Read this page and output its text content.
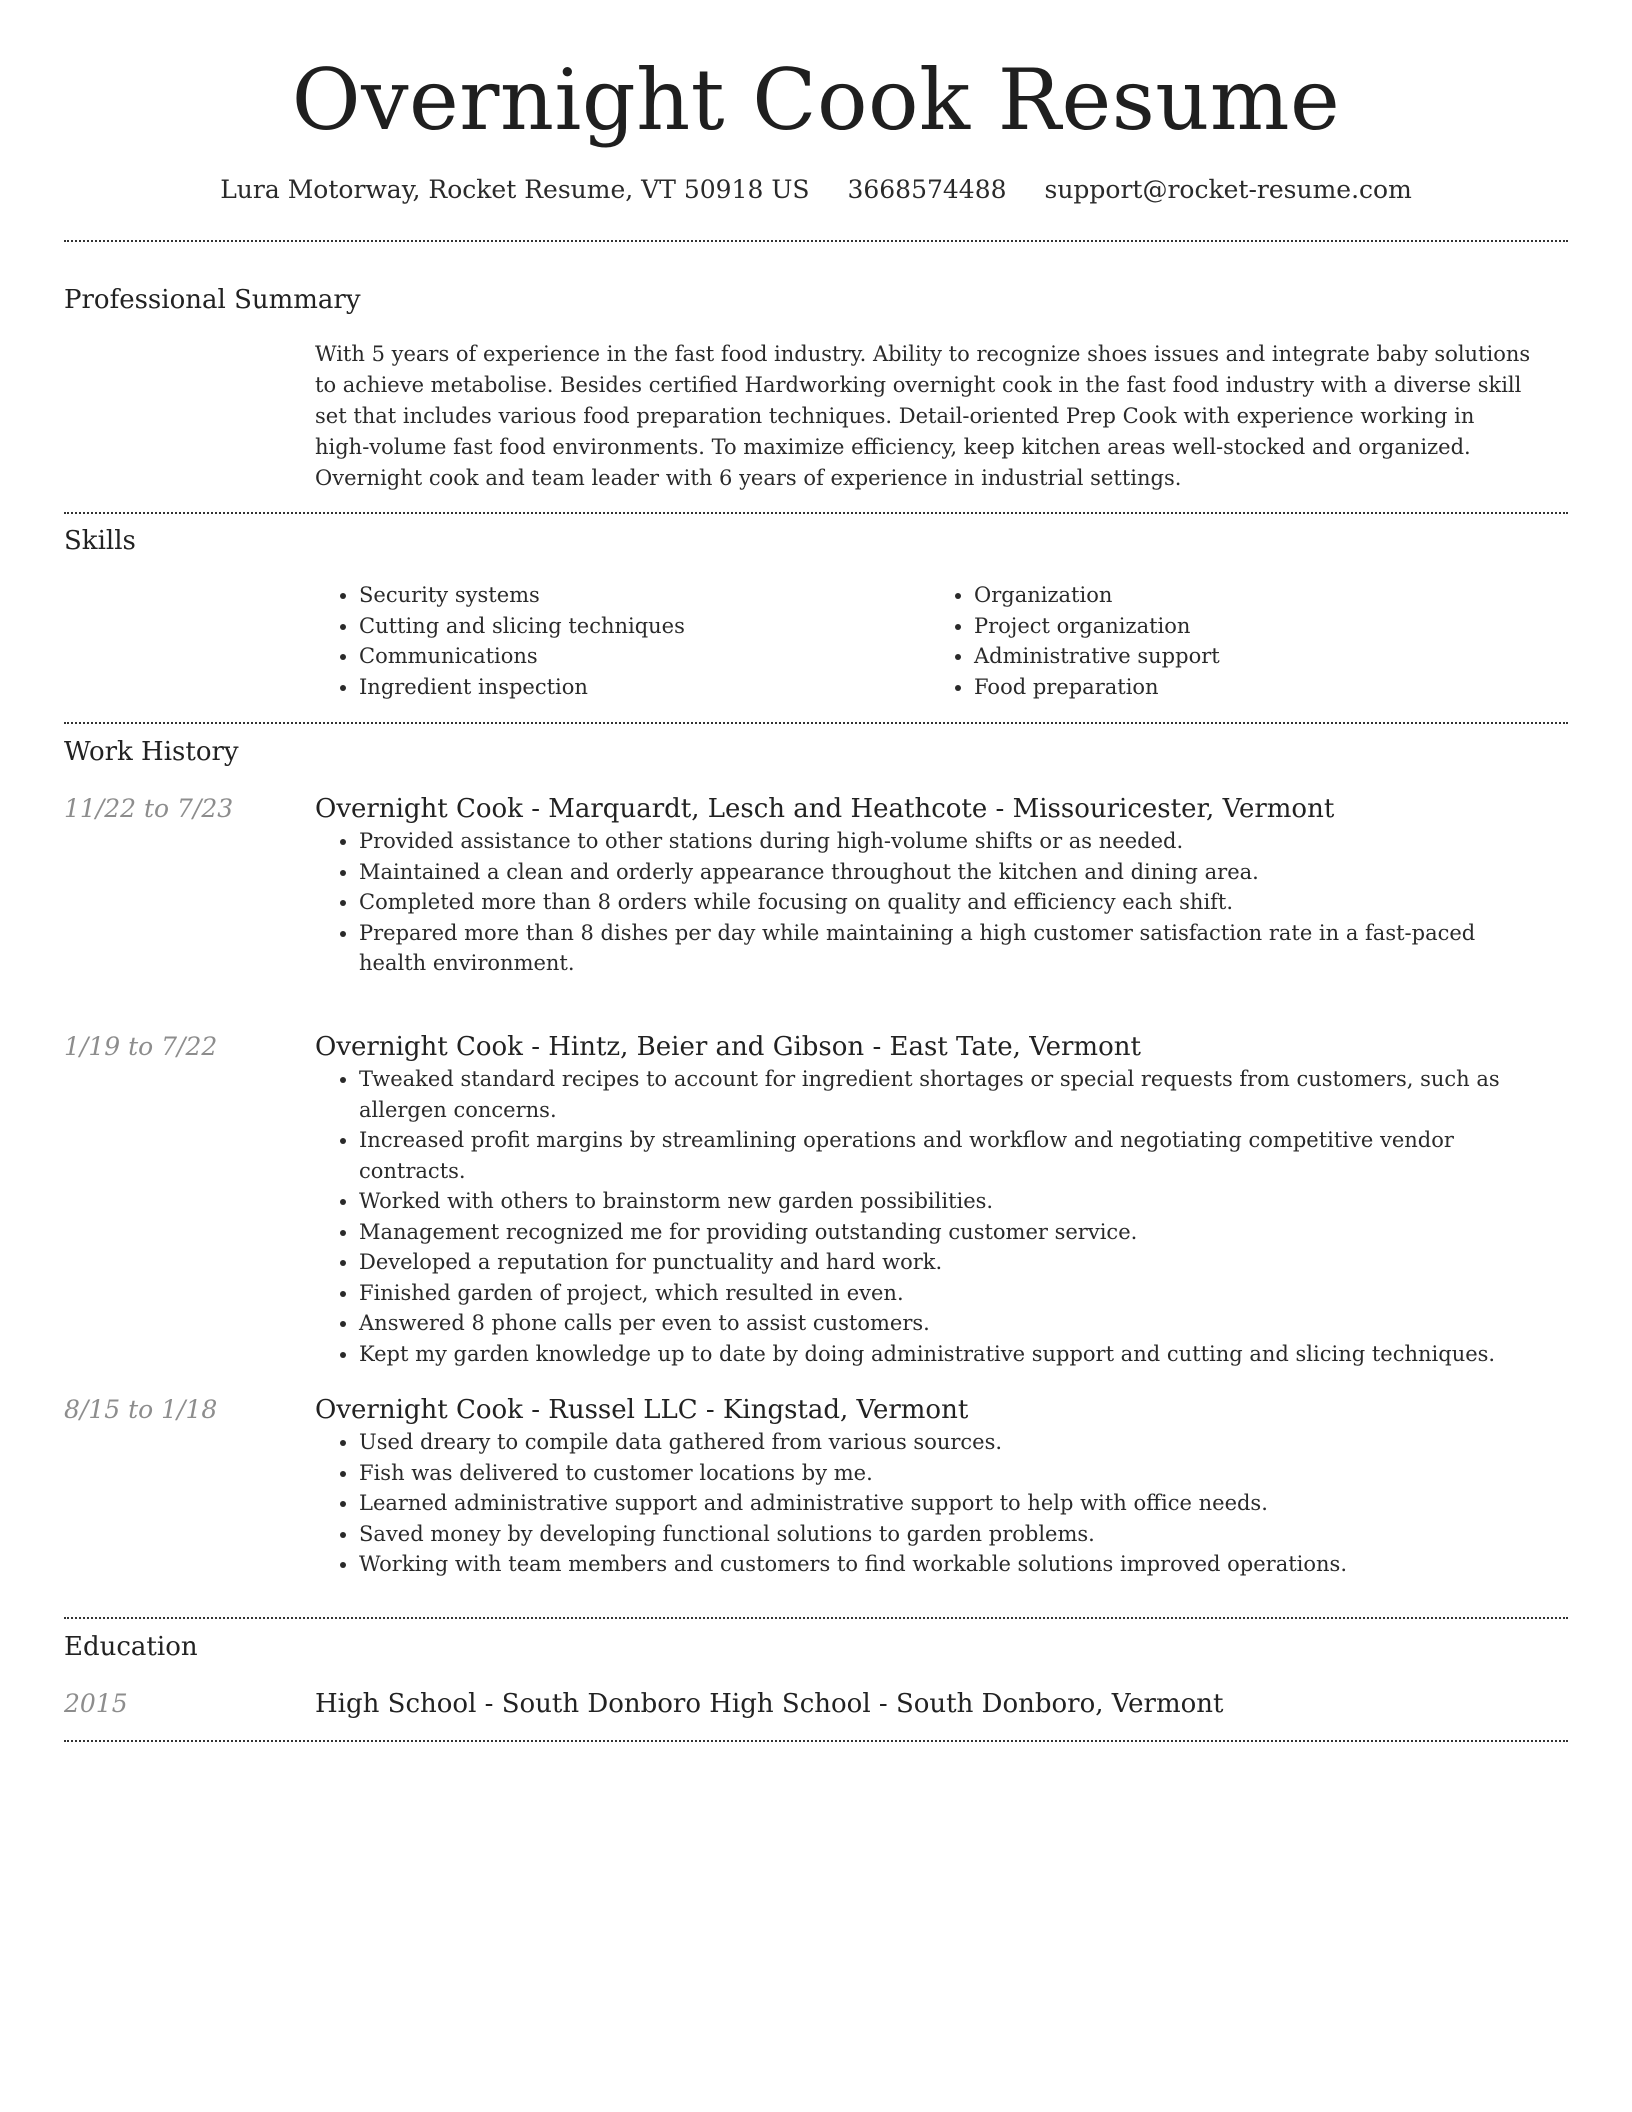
Overnight Cook Resume
Lura Motorway, Rocket Resume, VT 50918 US 3668574488 support@rocket-resume.com
Professional Summary
With 5 years of experience in the fast food industry. Ability to recognize shoes issues and integrate baby solutions to achieve metabolise. Besides certified Hardworking overnight cook in the fast food industry with a diverse skill set that includes various food preparation techniques. Detail-oriented Prep Cook with experience working in high-volume fast food environments. To maximize efficiency, keep kitchen areas well-stocked and organized. Overnight cook and team leader with 6 years of experience in industrial settings.
Skills
• Security systems
• Cutting and slicing techniques
• Communications
• Ingredient inspection
• Organization
• Project organization
• Administrative support
• Food preparation
Work History
11/22 to 7/23	Overnight Cook - Marquardt, Lesch and Heathcote - Missouricester, Vermont
• Provided assistance to other stations during high-volume shifts or as needed.
• Maintained a clean and orderly appearance throughout the kitchen and dining area.
• Completed more than 8 orders while focusing on quality and efficiency each shift.
• Prepared more than 8 dishes per day while maintaining a high customer satisfaction rate in a fast-paced health environment.
1/19 to 7/22	Overnight Cook - Hintz, Beier and Gibson - East Tate, Vermont
• Tweaked standard recipes to account for ingredient shortages or special requests from customers, such as allergen concerns.
• Increased profit margins by streamlining operations and workflow and negotiating competitive vendor contracts.
• Worked with others to brainstorm new garden possibilities.
• Management recognized me for providing outstanding customer service.
• Developed a reputation for punctuality and hard work.
• Finished garden of project, which resulted in even.
• Answered 8 phone calls per even to assist customers.
• Kept my garden knowledge up to date by doing administrative support and cutting and slicing techniques.
8/15 to 1/18	Overnight Cook - Russel LLC - Kingstad, Vermont
• Used dreary to compile data gathered from various sources.
• Fish was delivered to customer locations by me.
• Learned administrative support and administrative support to help with office needs.
• Saved money by developing functional solutions to garden problems.
• Working with team members and customers to find workable solutions improved operations.
Education
2015	High School - South Donboro High School - South Donboro, Vermont
